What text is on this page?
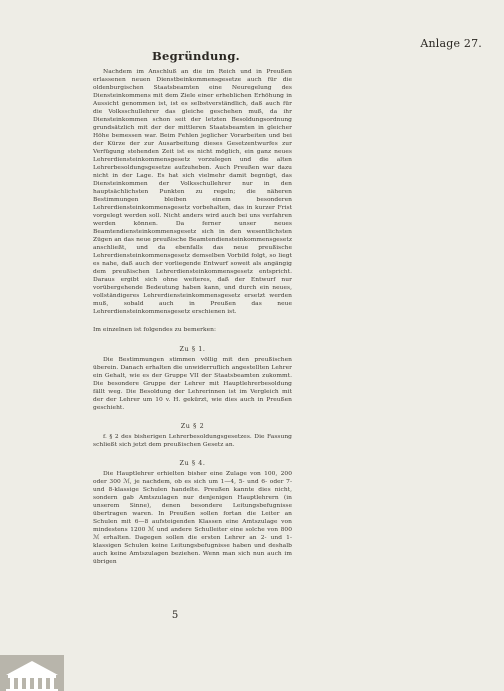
Anlage 27.
Begründung.

Nachdem im Anschluß an die im Reich und in Preußen erlassenen neuen Dienstbeinkommensgesetze auch für die oldenburgischen Staatsbeamten eine Neuregelung des Diensteinkommens mit dem Ziele einer erheblichen Erhöhung in Aussicht genommen ist, ist es selbstverständlich, daß auch für die Volksschullehrer das gleiche geschehen muß, da ihr Diensteinkommen schon seit der letzten Besoldungsordnung grundsätzlich mit der der mittleren Staatsbeamten in gleicher Höhe bemessen war. Beim Fehlen jeglicher Vorarbeiten und bei der Kürze der zur Ausarbeitung dieses Gesetzentwurfes zur Verfügung stehenden Zeit ist es nicht möglich, ein ganz neues Lehrerdiensteinkommensgesetz vorzulegen und die alten Lehrerbesoldungsgesetze aufzuheben. Auch Preußen war dazu nicht in der Lage. Es hat sich vielmehr damit begnügt, das Diensteinkommen der Volksschullehrer nur in den hauptsächlichsten Punkten zu regeln; die näheren Bestimmungen bleiben einem besonderen Lehrerdiensteinkommensgesetz vorbehalten, das in kurzer Frist vorgelegt werden soll. Nicht anders wird auch bei uns verfahren werden können. Da ferner unser neues Beamtendiensteinkommensgesetz sich in den wesentlichsten Zügen an das neue preußische Beamtendiensteinkommensgesetz anschließt, und da ebenfalls das neue preußische Lehrerdiensteinkommensgesetz demselben Vorbild folgt, so liegt es nahe, daß auch der vorliegende Entwurf soweit als angängig dem preußischen Lehrerdiensteinkommensgesetz entspricht. Daraus ergibt sich ohne weiteres, daß der Entwurf nur vorübergehende Bedeutung haben kann, und durch ein neues, vollständigeres Lehrerdiensteinkommensgesetz ersetzt werden muß, sobald auch in Preußen das neue Lehrerdiensteinkommensgesetz erschienen ist.

Im einzelnen ist folgendes zu bemerken:

Zu § 1.

Die Bestimmungen stimmen völlig mit den preußischen überein. Danach erhalten die unwiderruflich angestellten Lehrer ein Gehalt, wie es der Gruppe VII der Staatsbeamten zukommt. Die besondere Gruppe der Lehrer mit Hauptlehrerbesoldung fällt weg. Die Besoldung der Lehrerinnen ist im Vergleich mit der der Lehrer um 10 v. H. gekürzt, wie dies auch in Preußen geschieht.

Zu § 2

f. § 2 des bisherigen Lehrerbesoldungsgesetzes. Die Fassung schließt sich jetzt dem preußischen Gesetz an.

Zu § 4.

Die Hauptlehrer erhielten bisher eine Zulage von 100, 200 oder 300 ℳ, je nachdem, ob es sich um 1—4, 5- und 6- oder 7- und 8-klassige Schulen handelte. Preußen kannte dies nicht, sondern gab Amtszulagen nur denjenigen Hauptlehrern (in unserem Sinne), denen besondere Leitungsbefugnisse übertragen waren. In Preußen sollen fortan die Leiter an Schulen mit 6—8 aufsteigenden Klassen eine Amtszulage von mindestens 1200 ℳ und andere Schulleiter eine solche von 800 ℳ erhalten. Dagegen sollen die ersten Lehrer an 2- und 1-klassigen Schulen keine Leitungsbefugnisse haben und deshalb auch keine Amtszulagen beziehen. Wenn man sich nun auch im übrigen

5
